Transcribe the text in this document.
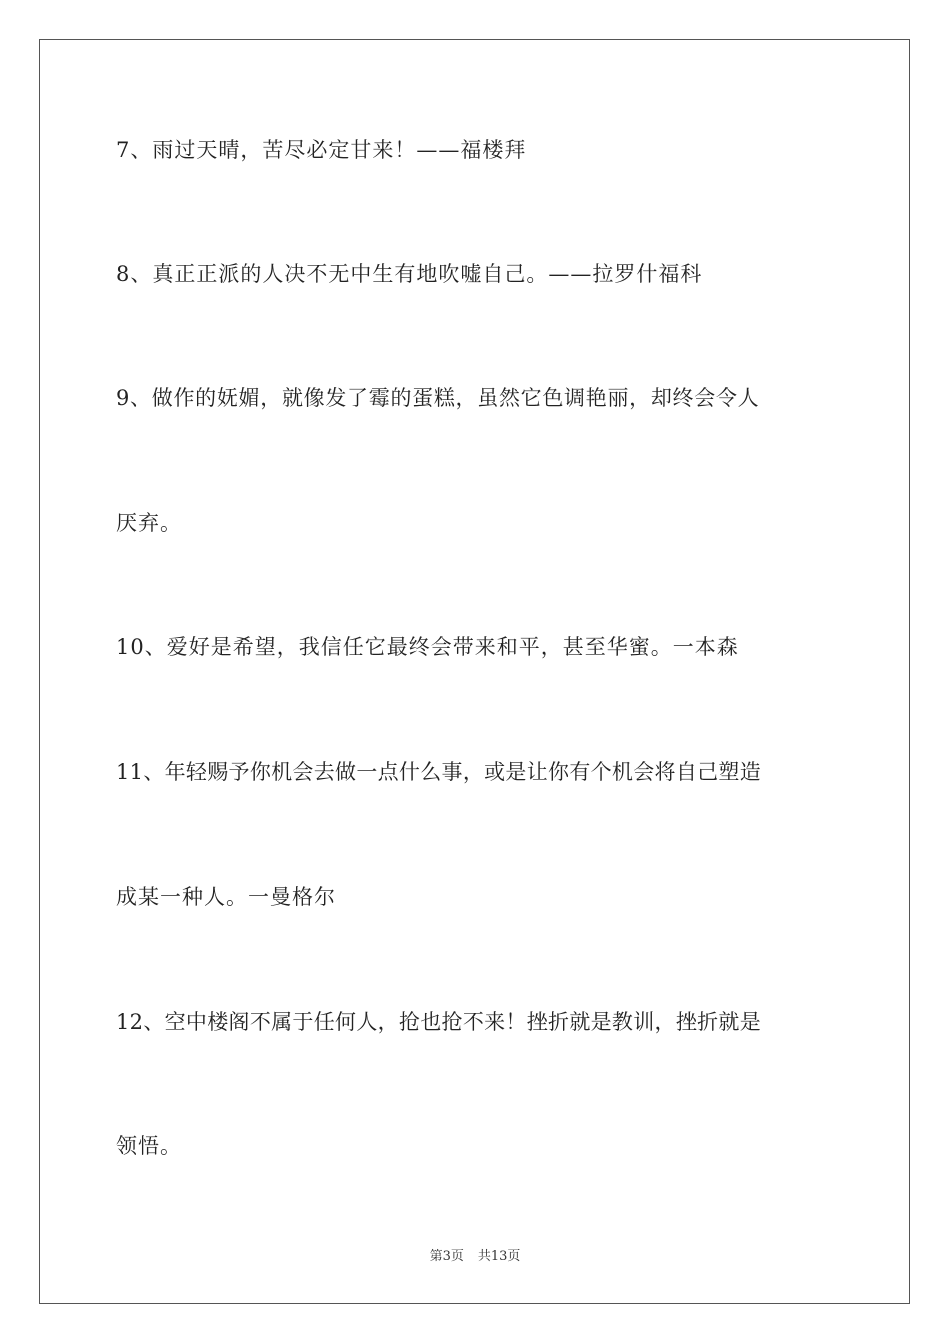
7、雨过天晴，苦尽必定甘来！——福楼拜
8、真正正派的人决不无中生有地吹嘘自己。——拉罗什福科
9、做作的妩媚，就像发了霉的蛋糕，虽然它色调艳丽，却终会令人
厌弃。
10、爱好是希望，我信任它最终会带来和平，甚至华蜜。一本森
11、年轻赐予你机会去做一点什么事，或是让你有个机会将自己塑造
成某一种人。一曼格尔
12、空中楼阁不属于任何人，抢也抢不来！挫折就是教训，挫折就是
领悟。
第3页 共13页
